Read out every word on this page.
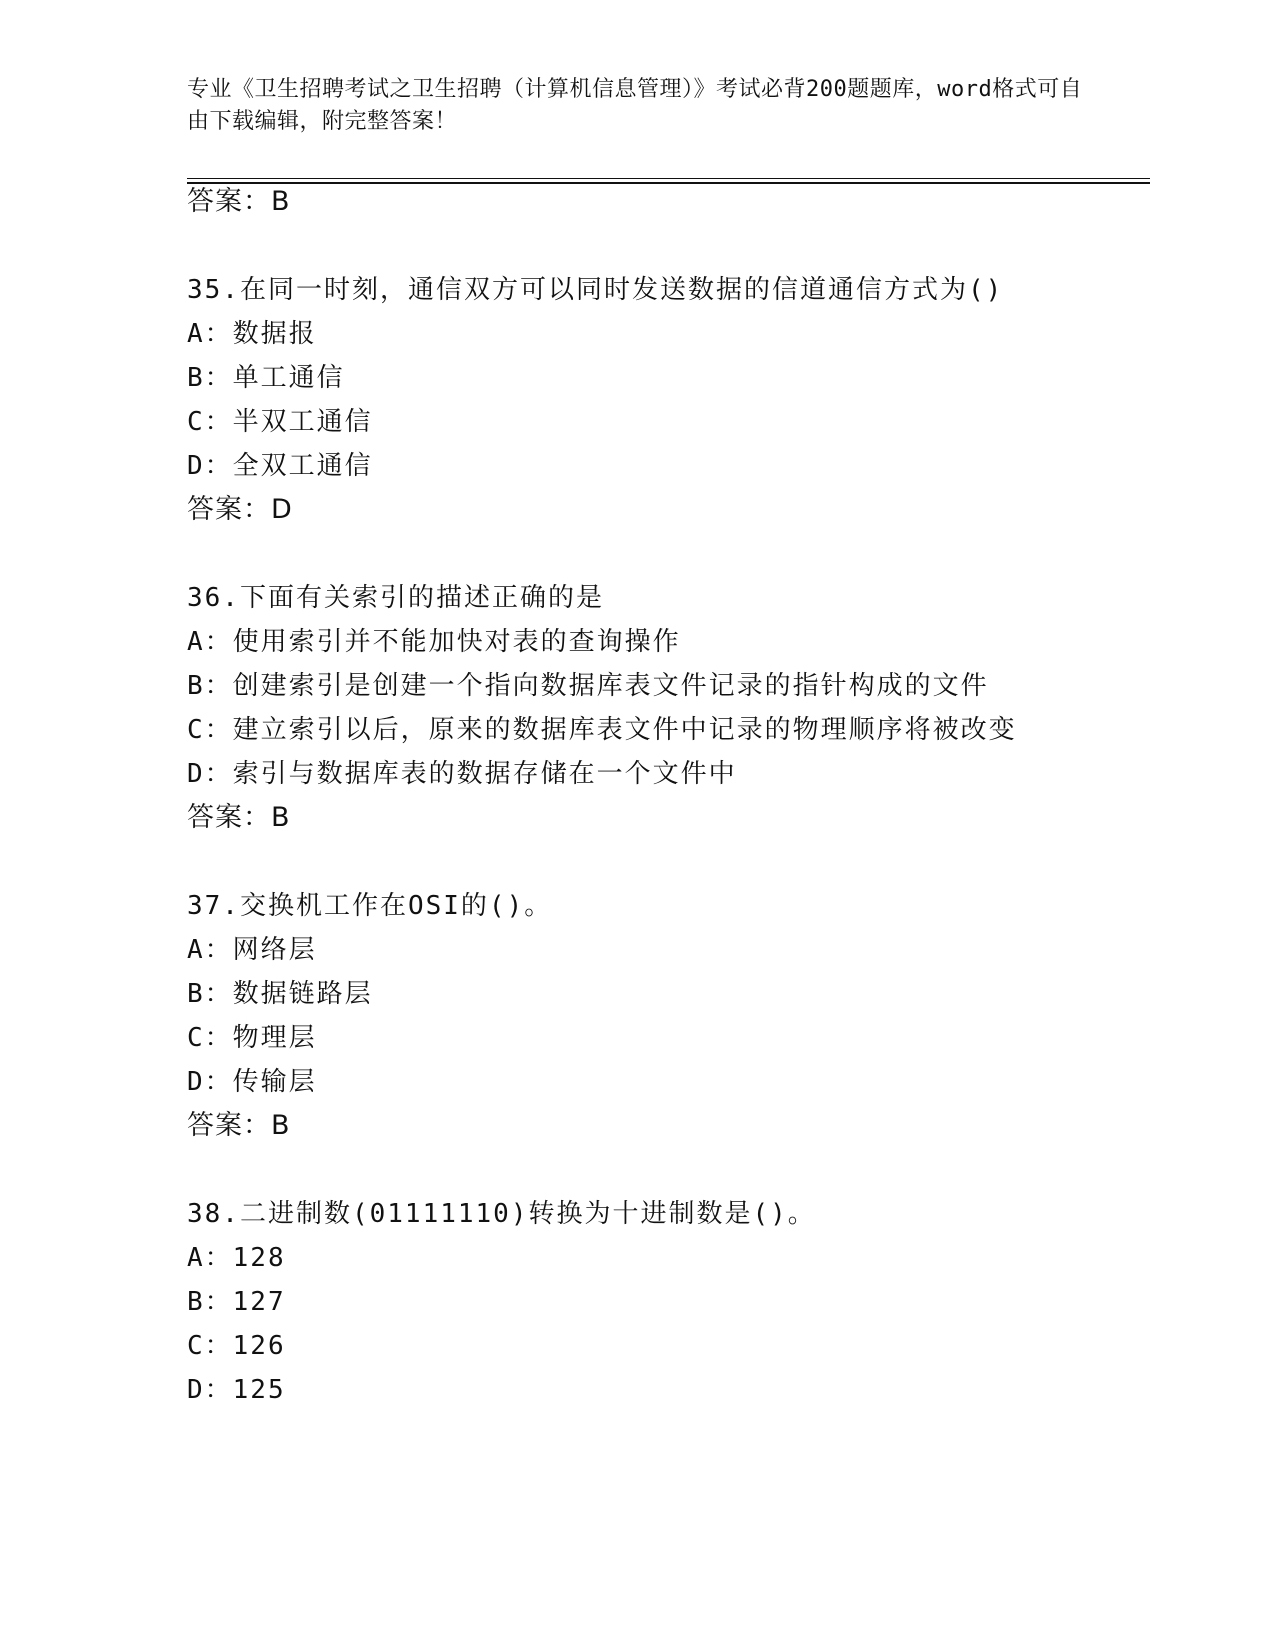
专业《卫生招聘考试之卫生招聘（计算机信息管理）》考试必背200题题库，word格式可自由下载编辑，附完整答案！
答案：B
35.在同一时刻，通信双方可以同时发送数据的信道通信方式为()
A：数据报
B：单工通信
C：半双工通信
D：全双工通信
答案：D
36.下面有关索引的描述正确的是
A：使用索引并不能加快对表的查询操作
B：创建索引是创建一个指向数据库表文件记录的指针构成的文件
C：建立索引以后，原来的数据库表文件中记录的物理顺序将被改变
D：索引与数据库表的数据存储在一个文件中
答案：B
37.交换机工作在OSI的()。
A：网络层
B：数据链路层
C：物理层
D：传输层
答案：B
38.二进制数(01111110)转换为十进制数是()。
A：128
B：127
C：126
D：125
